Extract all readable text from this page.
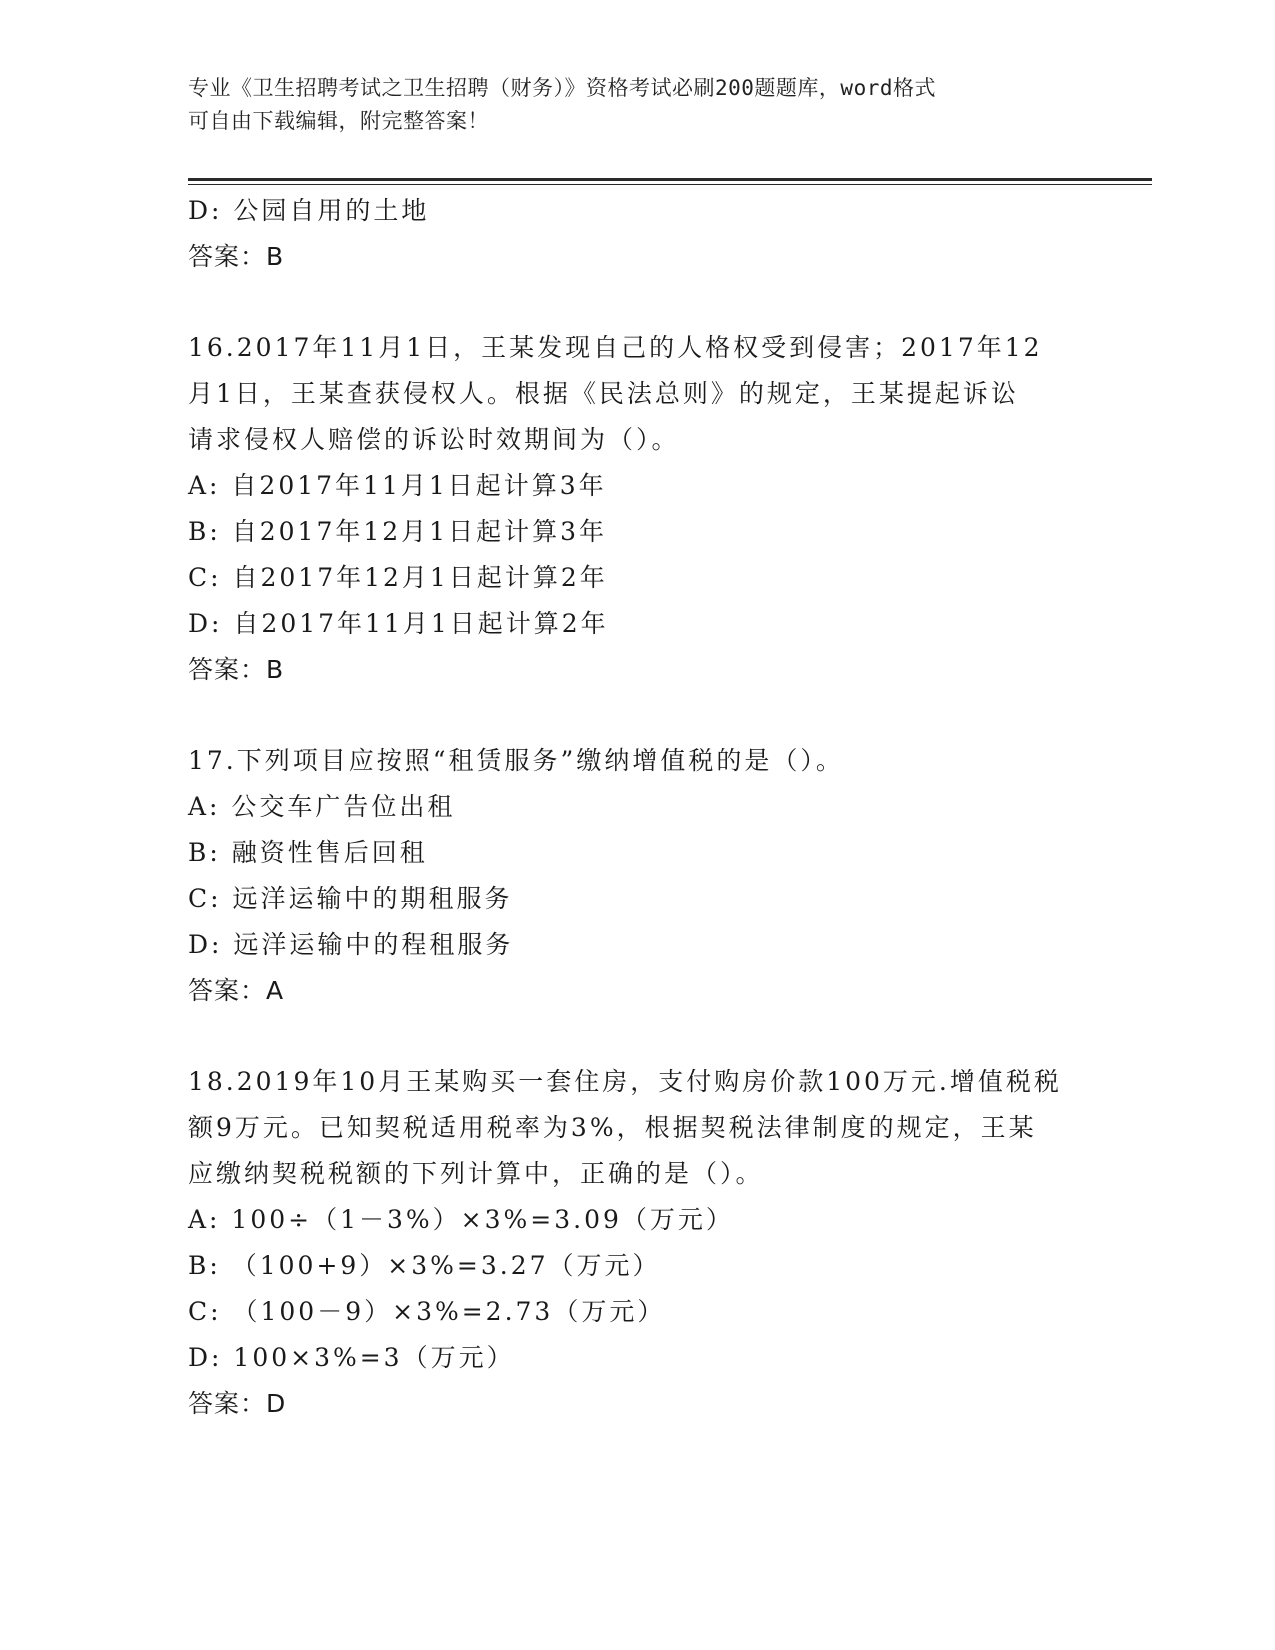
专业《卫生招聘考试之卫生招聘（财务）》资格考试必刷200题题库，word格式
可自由下载编辑，附完整答案！
D: 公园自用的土地
答案：B
16.2017年11月1日，王某发现自己的人格权受到侵害；2017年12
月1日，王某查获侵权人。根据《民法总则》的规定，王某提起诉讼
请求侵权人赔偿的诉讼时效期间为（）。
A: 自2017年11月1日起计算3年
B: 自2017年12月1日起计算3年
C: 自2017年12月1日起计算2年
D: 自2017年11月1日起计算2年
答案：B
17.下列项目应按照“租赁服务”缴纳增值税的是（）。
A: 公交车广告位出租
B: 融资性售后回租
C: 远洋运输中的期租服务
D: 远洋运输中的程租服务
答案：A
18.2019年10月王某购买一套住房，支付购房价款100万元.增值税税
额9万元。已知契税适用税率为3%，根据契税法律制度的规定，王某
应缴纳契税税额的下列计算中，正确的是（）。
A: 100÷（1－3%）×3%=3.09（万元）
B: （100+9）×3%=3.27（万元）
C: （100－9）×3%=2.73（万元）
D: 100×3%=3（万元）
答案：D
